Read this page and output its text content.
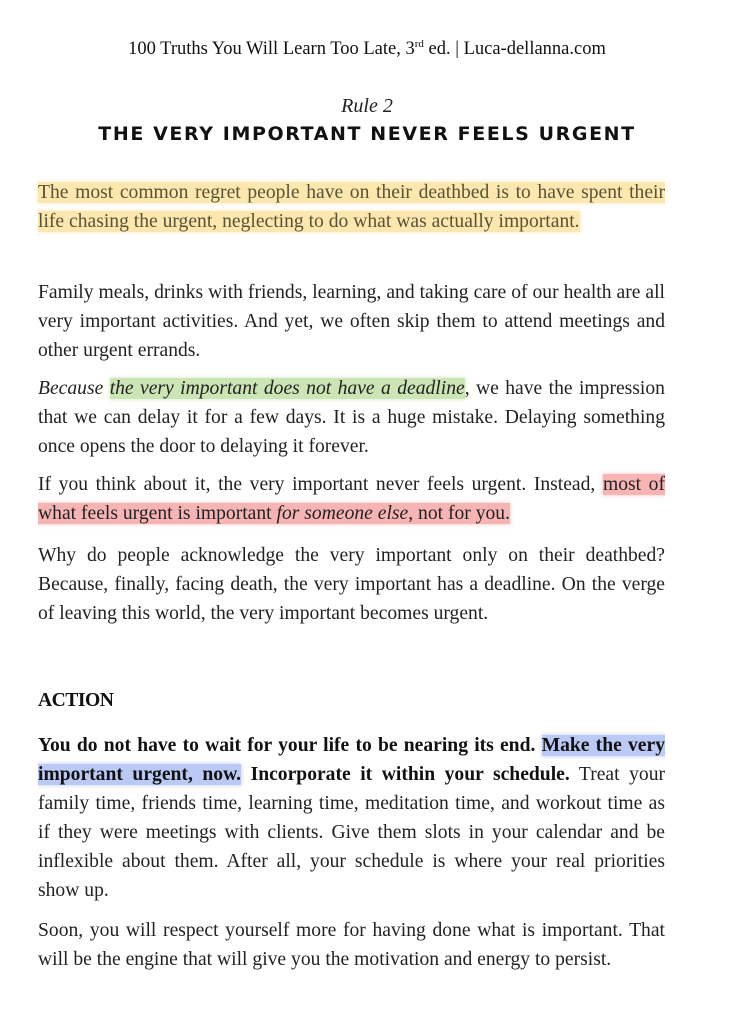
100 Truths You Will Learn Too Late, 3rd ed. | Luca-dellanna.com
Rule 2
THE VERY IMPORTANT NEVER FEELS URGENT

The most common regret people have on their deathbed is to have spent their life chasing the urgent, neglecting to do what was actually important.

Family meals, drinks with friends, learning, and taking care of our health are all very important activities. And yet, we often skip them to attend meetings and other urgent errands.

Because the very important does not have a deadline, we have the impression that we can delay it for a few days. It is a huge mistake. Delaying something once opens the door to delaying it forever.

If you think about it, the very important never feels urgent. Instead, most of what feels urgent is important for someone else, not for you.

Why do people acknowledge the very important only on their deathbed? Because, finally, facing death, the very important has a deadline. On the verge of leaving this world, the very important becomes urgent.

ACTION

You do not have to wait for your life to be nearing its end. Make the very important urgent, now. Incorporate it within your schedule. Treat your family time, friends time, learning time, meditation time, and workout time as if they were meetings with clients. Give them slots in your calendar and be inflexible about them. After all, your schedule is where your real priorities show up.

Soon, you will respect yourself more for having done what is important. That will be the engine that will give you the motivation and energy to persist.
